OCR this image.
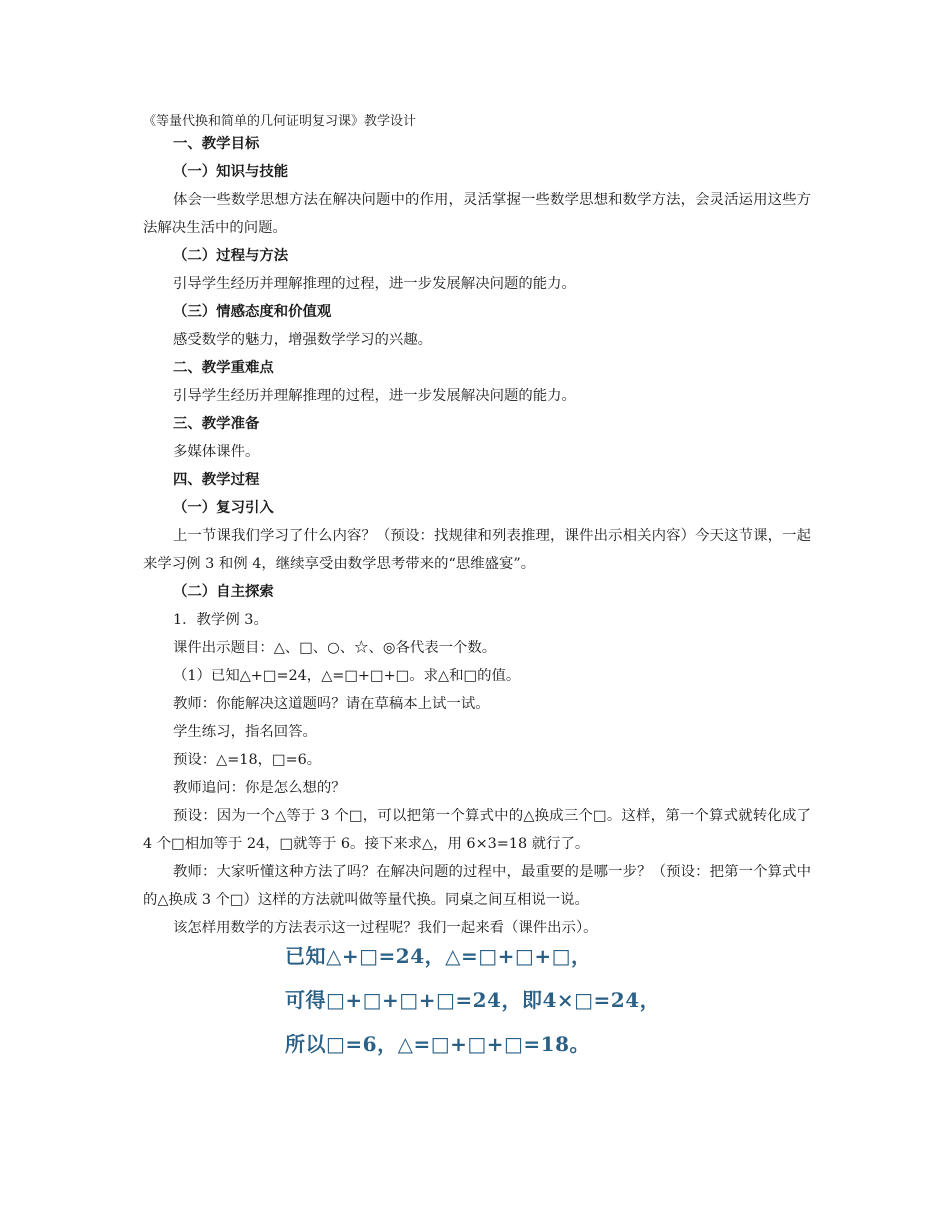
《等量代换和简单的几何证明复习课》教学设计

一、教学目标

（一）知识与技能

体会一些数学思想方法在解决问题中的作用，灵活掌握一些数学思想和数学方法，会灵活运用这些方法解决生活中的问题。

（二）过程与方法

引导学生经历并理解推理的过程，进一步发展解决问题的能力。

（三）情感态度和价值观

感受数学的魅力，增强数学学习的兴趣。

二、教学重难点

引导学生经历并理解推理的过程，进一步发展解决问题的能力。

三、教学准备

多媒体课件。

四、教学过程

（一）复习引入

上一节课我们学习了什么内容？（预设：找规律和列表推理，课件出示相关内容）今天这节课，一起来学习例 3 和例 4，继续享受由数学思考带来的“思维盛宴”。

（二）自主探索

1．教学例 3。

课件出示题目：△、□、○、☆、◎各代表一个数。

（1）已知△+□=24，△=□+□+□。求△和□的值。

教师：你能解决这道题吗？请在草稿本上试一试。

学生练习，指名回答。

预设：△=18，□=6。

教师追问：你是怎么想的？

预设：因为一个△等于 3 个□，可以把第一个算式中的△换成三个□。这样，第一个算式就转化成了 4 个□相加等于 24，□就等于 6。接下来求△，用 6×3=18 就行了。

教师：大家听懂这种方法了吗？在解决问题的过程中，最重要的是哪一步？（预设：把第一个算式中的△换成 3 个□）这样的方法就叫做等量代换。同桌之间互相说一说。

该怎样用数学的方法表示这一过程呢？我们一起来看（课件出示）。

已知△+□=24，△=□+□+□，

可得□+□+□+□=24，即4×□=24，

所以□=6，△=□+□+□=18。
